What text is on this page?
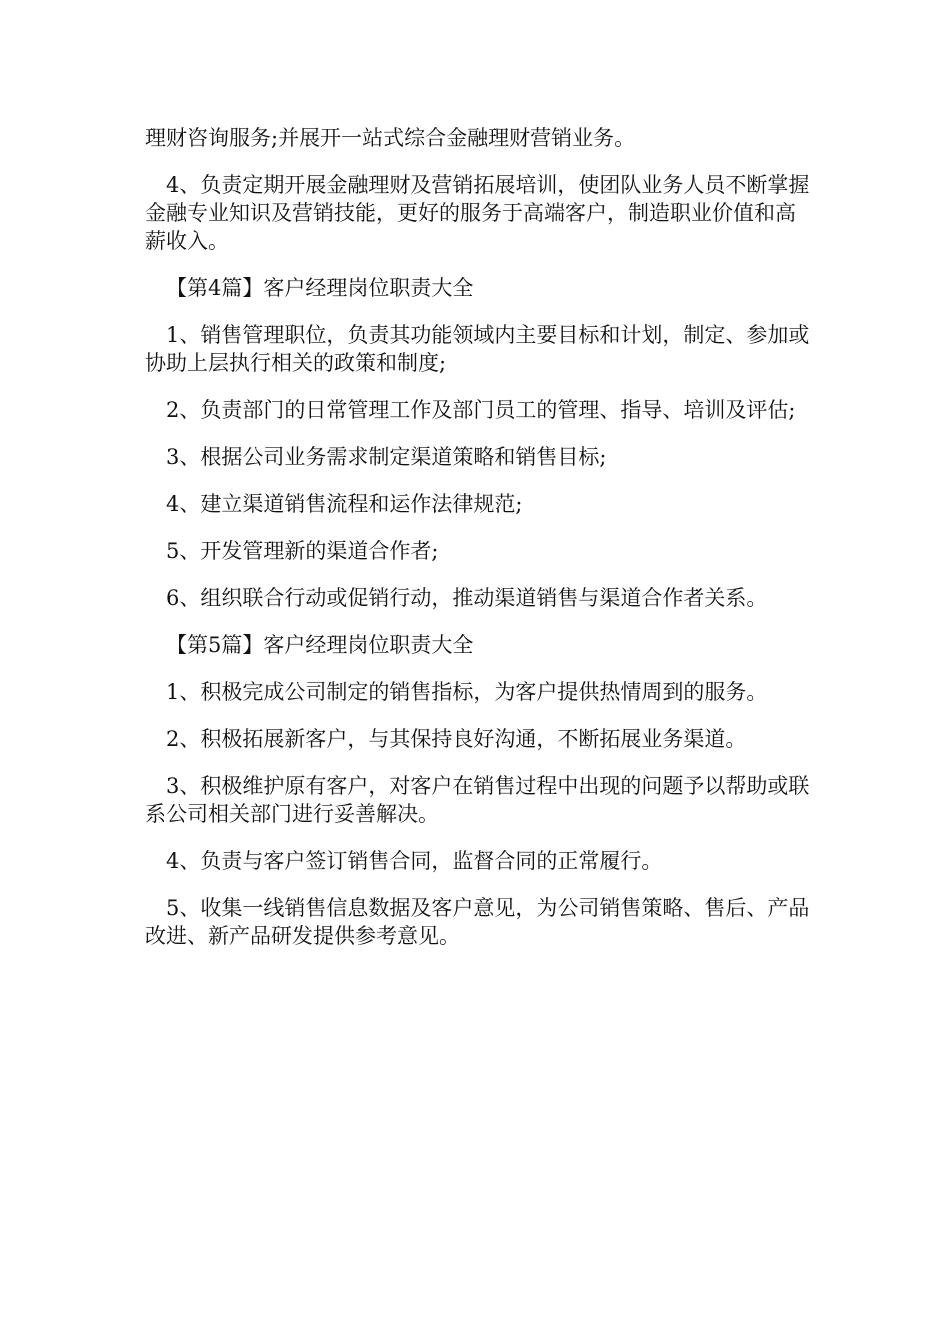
理财咨询服务;并展开一站式综合金融理财营销业务。

4、负责定期开展金融理财及营销拓展培训，使团队业务人员不断掌握金融专业知识及营销技能，更好的服务于高端客户，制造职业价值和高薪收入。

【第4篇】客户经理岗位职责大全

1、销售管理职位，负责其功能领域内主要目标和计划，制定、参加或协助上层执行相关的政策和制度;

2、负责部门的日常管理工作及部门员工的管理、指导、培训及评估;

3、根据公司业务需求制定渠道策略和销售目标;

4、建立渠道销售流程和运作法律规范;

5、开发管理新的渠道合作者;

6、组织联合行动或促销行动，推动渠道销售与渠道合作者关系。

【第5篇】客户经理岗位职责大全

1、积极完成公司制定的销售指标，为客户提供热情周到的服务。

2、积极拓展新客户，与其保持良好沟通，不断拓展业务渠道。

3、积极维护原有客户，对客户在销售过程中出现的问题予以帮助或联系公司相关部门进行妥善解决。

4、负责与客户签订销售合同，监督合同的正常履行。

5、收集一线销售信息数据及客户意见，为公司销售策略、售后、产品改进、新产品研发提供参考意见。
